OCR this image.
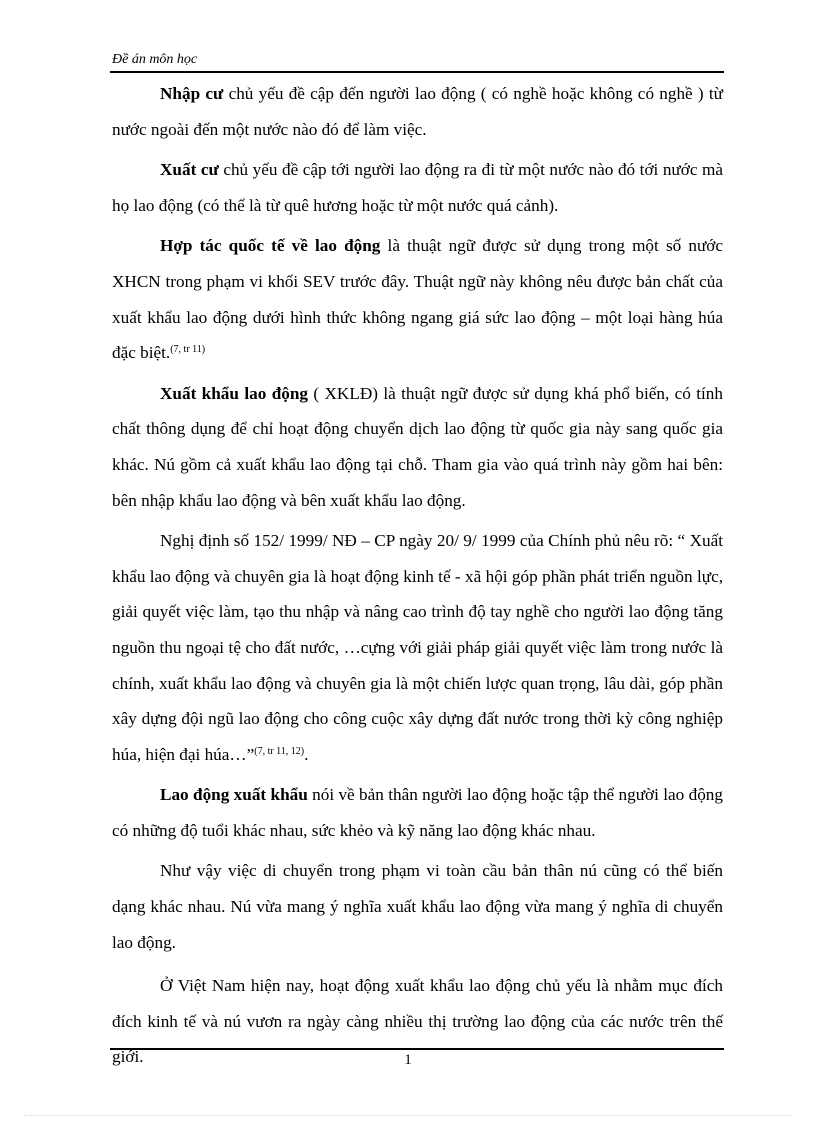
Đề án môn học

Nhập cư chủ yếu đề cập đến người lao động ( có nghề hoặc không có nghề ) từ nước ngoài đến một nước nào đó để làm việc.

Xuất cư chủ yếu đề cập tới người lao động ra đi từ một nước nào đó tới nước mà họ lao động (có thể là từ quê hương hoặc từ một nước quá cảnh).

Hợp tác quốc tế về lao động là thuật ngữ được sử dụng trong một số nước XHCN trong phạm vi khối SEV trước đây. Thuật ngữ này không nêu được bản chất của xuất khẩu lao động dưới hình thức không ngang giá sức lao động – một loại hàng húa đặc biệt.$^{(7, tr 11)}$

Xuất khẩu lao động ( XKLĐ) là thuật ngữ được sử dụng khá phổ biến, có tính chất thông dụng để chỉ hoạt động chuyển dịch lao động từ quốc gia này sang quốc gia khác. Nú gồm cả xuất khẩu lao động tại chỗ. Tham gia vào quá trình này gồm hai bên: bên nhập khẩu lao động và bên xuất khẩu lao động.

Nghị định số 152/ 1999/ NĐ – CP ngày 20/ 9/ 1999 của Chính phủ nêu rõ: “ Xuất khẩu lao động và chuyên gia là hoạt động kinh tế - xã hội góp phần phát triển nguồn lực, giải quyết việc làm, tạo thu nhập và nâng cao trình độ tay nghề cho người lao động tăng nguồn thu ngoại tệ cho đất nước, …cựng với giải pháp giải quyết việc làm trong nước là chính, xuất khẩu lao động và chuyên gia là một chiến lược quan trọng, lâu dài, góp phần xây dựng đội ngũ lao động cho công cuộc xây dựng đất nước trong thời kỳ công nghiệp húa, hiện đại húa…”$^{(7, tr 11, 12)}$.

Lao động xuất khẩu nói về bản thân người lao động hoặc tập thể người lao động có những độ tuổi khác nhau, sức khẻo và kỹ năng lao động khác nhau.

Như vậy việc di chuyển trong phạm vi toàn cầu bản thân nú cũng có thể biến dạng khác nhau. Nú vừa mang ý nghĩa xuất khẩu lao động vừa mang ý nghĩa di chuyển lao động.

Ở Việt Nam hiện nay, hoạt động xuất khẩu lao động chủ yếu là nhằm mục đích đích kinh tế và nú vươn ra ngày càng nhiều thị trường lao động của các nước trên thế giới.	1
